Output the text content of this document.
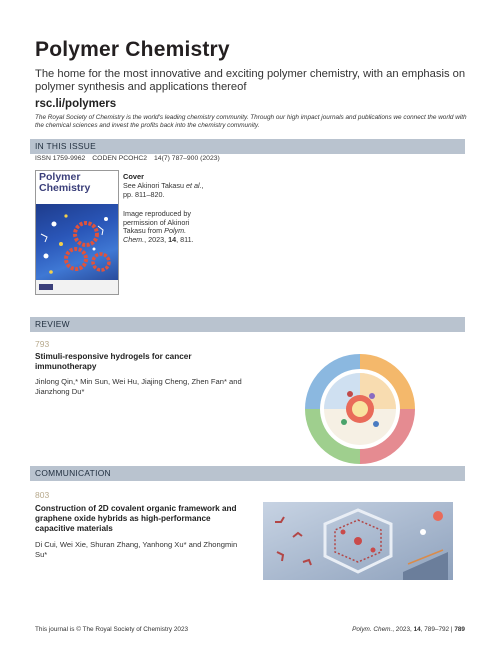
Polymer Chemistry
The home for the most innovative and exciting polymer chemistry, with an emphasis on polymer synthesis and applications thereof
rsc.li/polymers
The Royal Society of Chemistry is the world's leading chemistry community. Through our high impact journals and publications we connect the world with the chemical sciences and invest the profits back into the chemistry community.
IN THIS ISSUE
ISSN 1759-9962 CODEN PCOHC2 14(7) 787–900 (2023)
Polymer
Chemistry
Cover
See Akinori Takasu et al., pp. 811–820.
Image reproduced by permission of Akinori Takasu from Polym. Chem., 2023, 14, 811.
REVIEW
793
Stimuli-responsive hydrogels for cancer immunotherapy
Jinlong Qin,* Min Sun, Wei Hu, Jiajing Cheng, Zhen Fan* and Jianzhong Du*
COMMUNICATION
803
Construction of 2D covalent organic framework and graphene oxide hybrids as high-performance capacitive materials
Di Cui, Wei Xie, Shuran Zhang, Yanhong Xu* and Zhongmin Su*
This journal is © The Royal Society of Chemistry 2023	Polym. Chem., 2023, 14, 789–792 | 789
